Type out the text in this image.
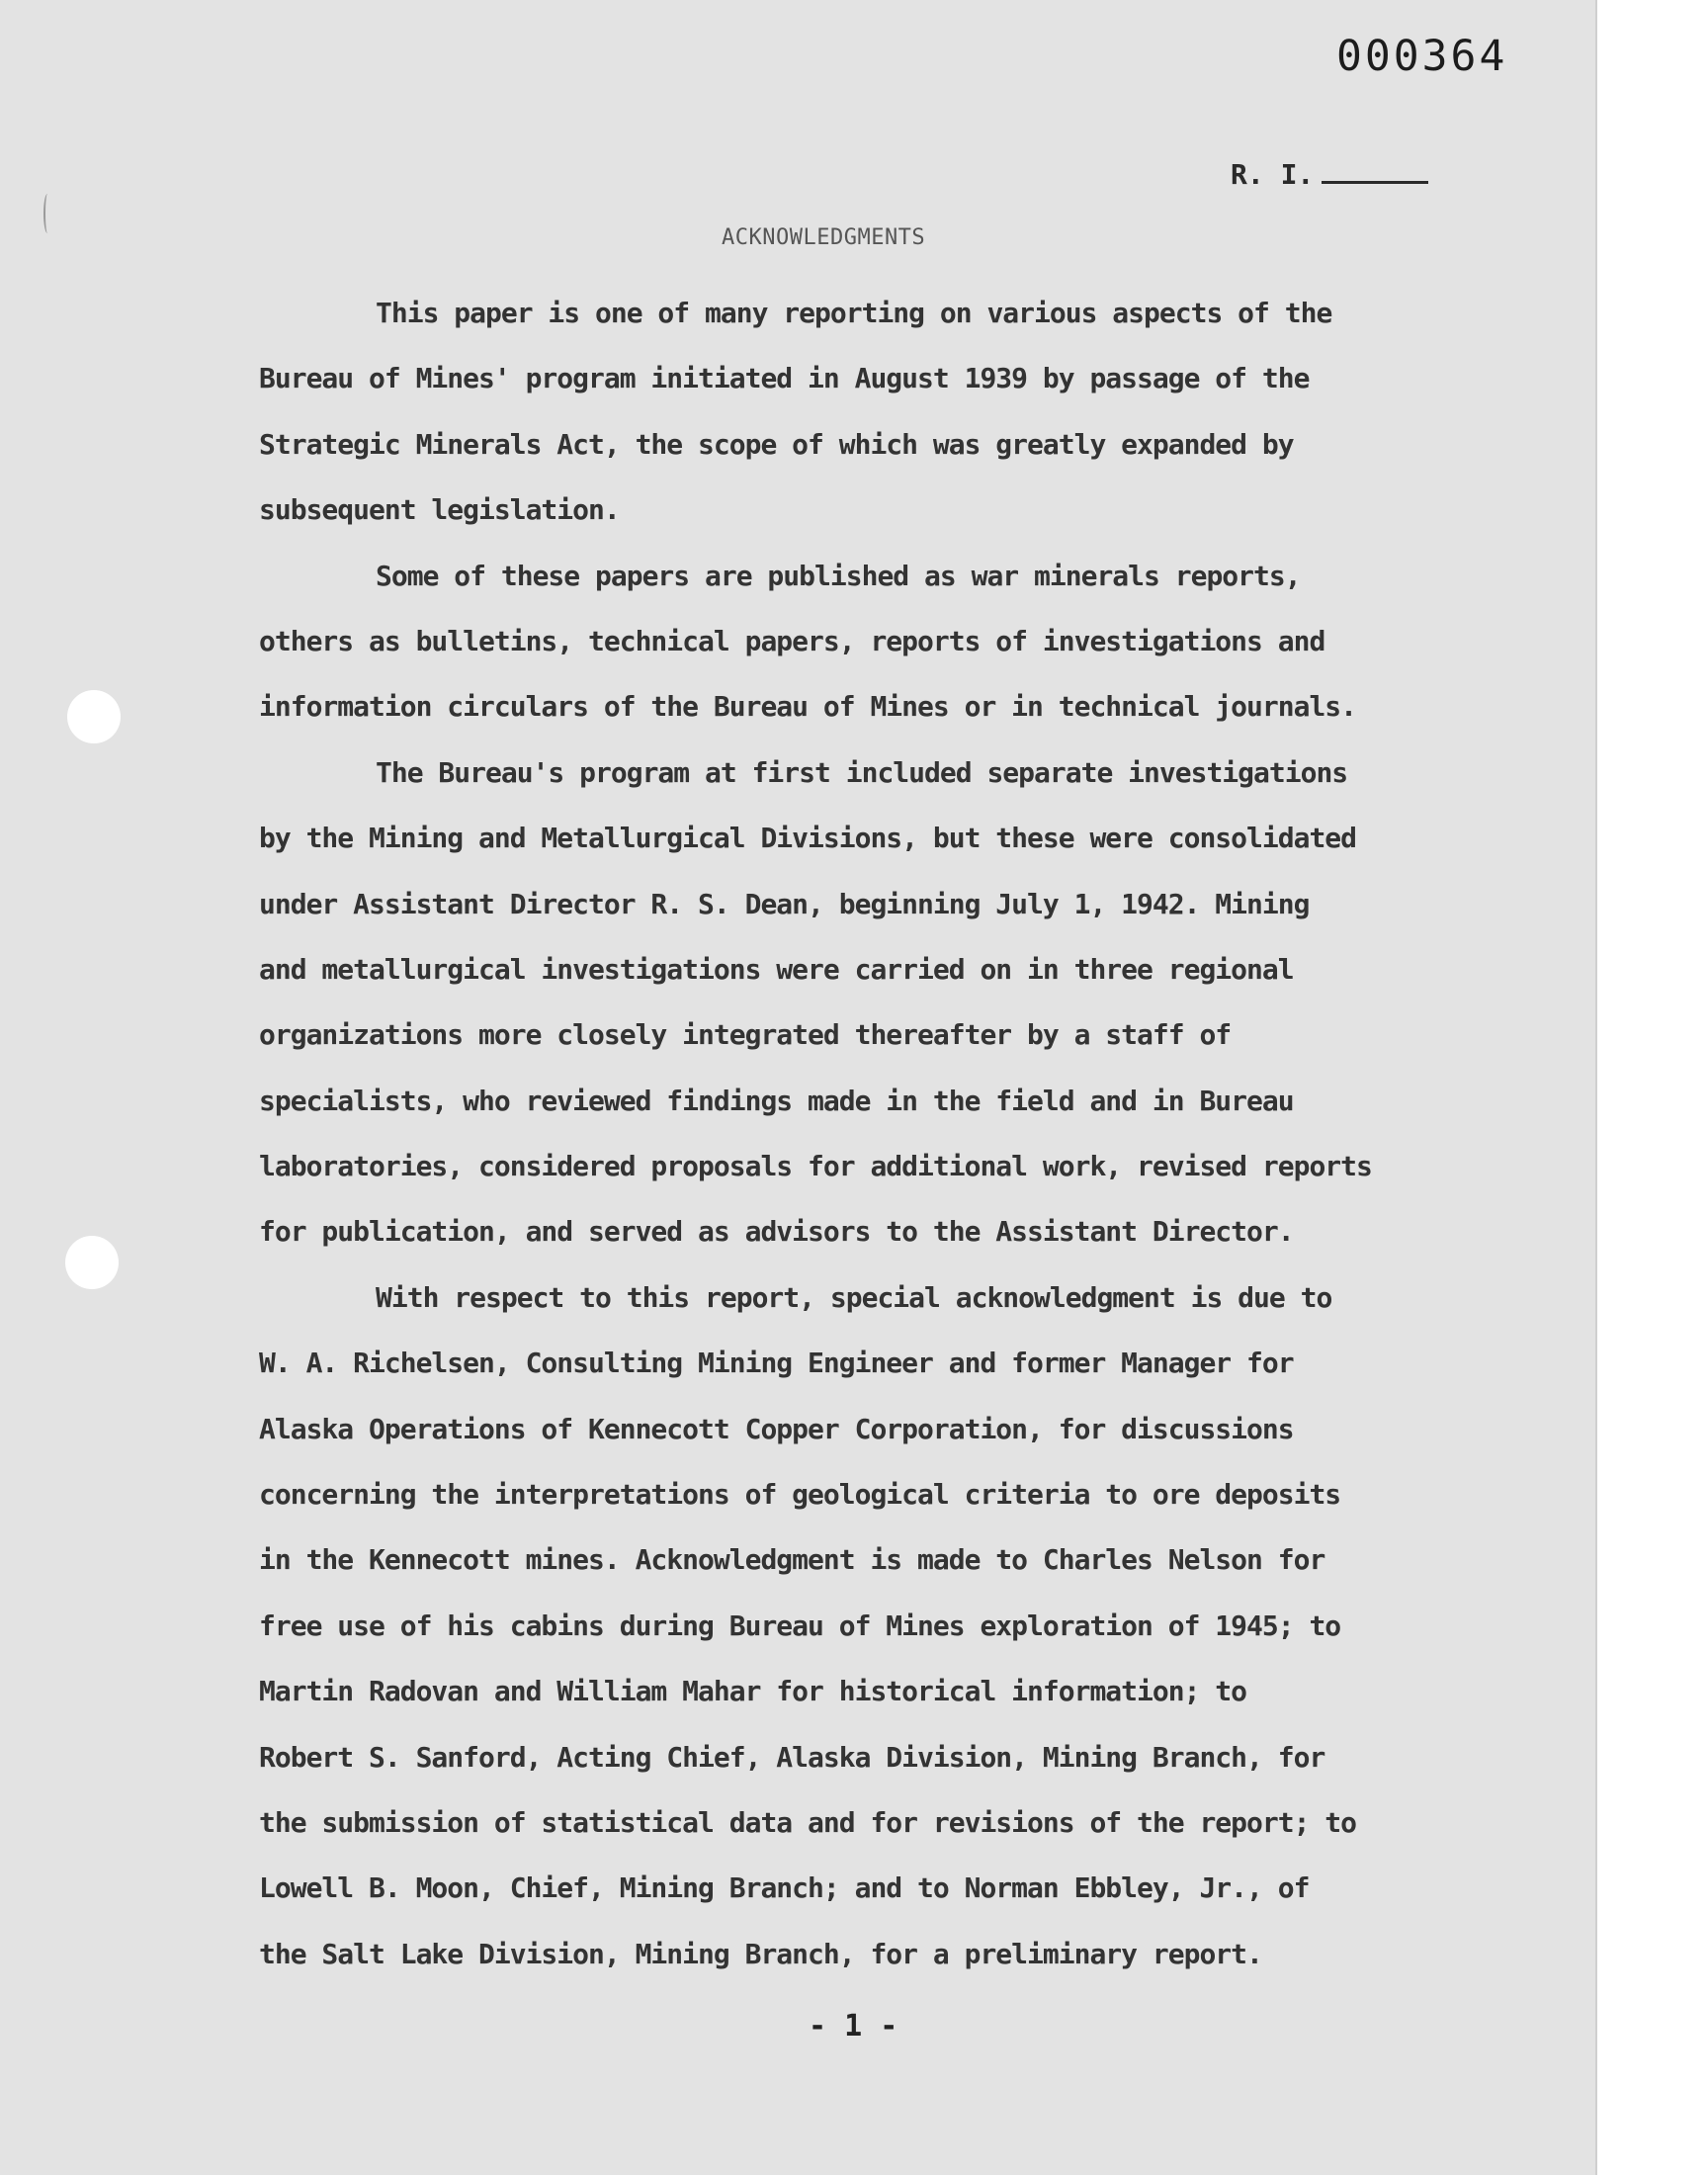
000364
R. I.
ACKNOWLEDGMENTS
This paper is one of many reporting on various aspects of the
Bureau of Mines' program initiated in August 1939 by passage of the
Strategic Minerals Act, the scope of which was greatly expanded by
subsequent legislation.
Some of these papers are published as war minerals reports,
others as bulletins, technical papers, reports of investigations and
information circulars of the Bureau of Mines or in technical journals.
The Bureau's program at first included separate investigations
by the Mining and Metallurgical Divisions, but these were consolidated
under Assistant Director R. S. Dean, beginning July 1, 1942. Mining
and metallurgical investigations were carried on in three regional
organizations more closely integrated thereafter by a staff of
specialists, who reviewed findings made in the field and in Bureau
laboratories, considered proposals for additional work, revised reports
for publication, and served as advisors to the Assistant Director.
With respect to this report, special acknowledgment is due to
W. A. Richelsen, Consulting Mining Engineer and former Manager for
Alaska Operations of Kennecott Copper Corporation, for discussions
concerning the interpretations of geological criteria to ore deposits
in the Kennecott mines. Acknowledgment is made to Charles Nelson for
free use of his cabins during Bureau of Mines exploration of 1945; to
Martin Radovan and William Mahar for historical information; to
Robert S. Sanford, Acting Chief, Alaska Division, Mining Branch, for
the submission of statistical data and for revisions of the report; to
Lowell B. Moon, Chief, Mining Branch; and to Norman Ebbley, Jr., of
the Salt Lake Division, Mining Branch, for a preliminary report.
- 1 -
